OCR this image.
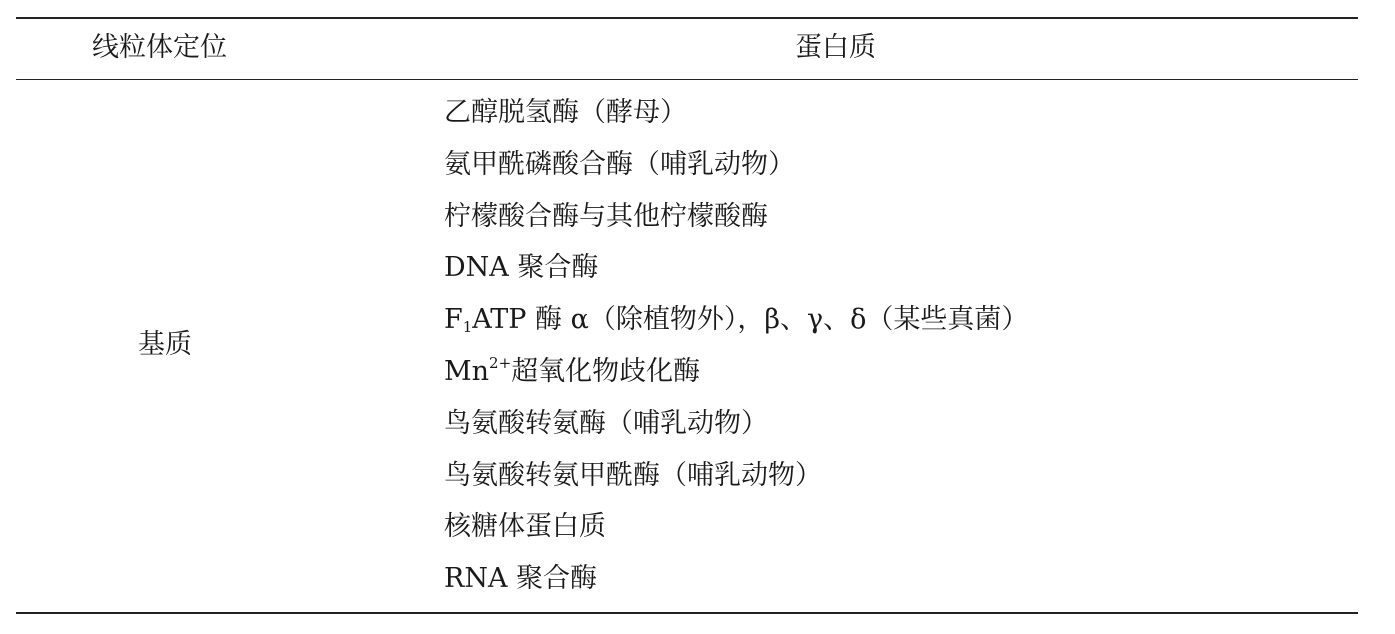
线粒体定位	蛋白质
基质
乙醇脱氢酶（酵母）
氨甲酰磷酸合酶（哺乳动物）
柠檬酸合酶与其他柠檬酸酶
DNA 聚合酶
$F_1ATP$ 酶 α（除植物外），β、γ、δ（某些真菌）
$Mn^{2+}$超氧化物歧化酶
鸟氨酸转氨酶（哺乳动物）
鸟氨酸转氨甲酰酶（哺乳动物）
核糖体蛋白质
RNA 聚合酶
